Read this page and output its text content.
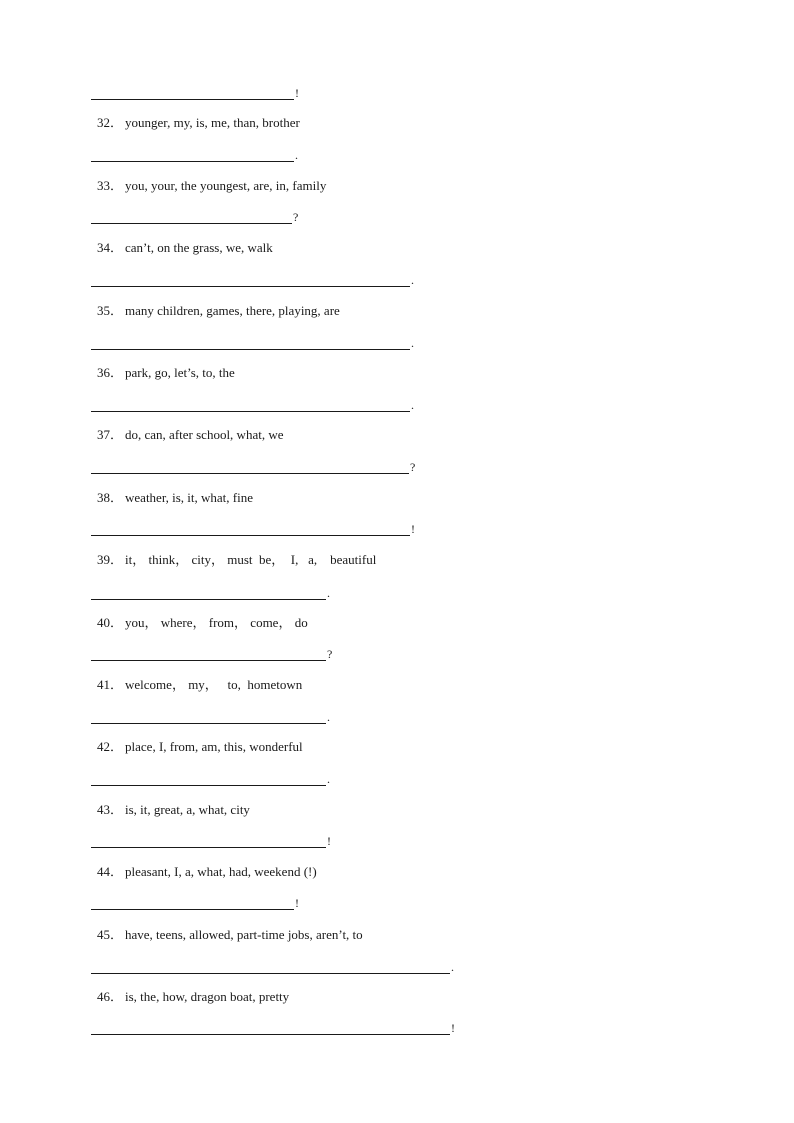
!
32． younger, my, is, me, than, brother
.
33． you, your, the youngest, are, in, family
?
34． can’t, on the grass, we, walk
.
35． many children, games, there, playing, are
.
36． park, go, let’s, to, the
.
37． do, can, after school, what, we
?
38． weather, is, it, what, fine
!
39． it， think， city， must  be，  I,   a,    beautiful
.
40． you， where， from， come， do
?
41． welcome， my，   to,  hometown
.
42． place, I, from, am, this, wonderful
.
43． is, it, great, a, what, city
!
44． pleasant, I, a, what, had, weekend (!)
!
45． have, teens, allowed, part-time jobs, aren’t, to
.
46． is, the, how, dragon boat, pretty
!
